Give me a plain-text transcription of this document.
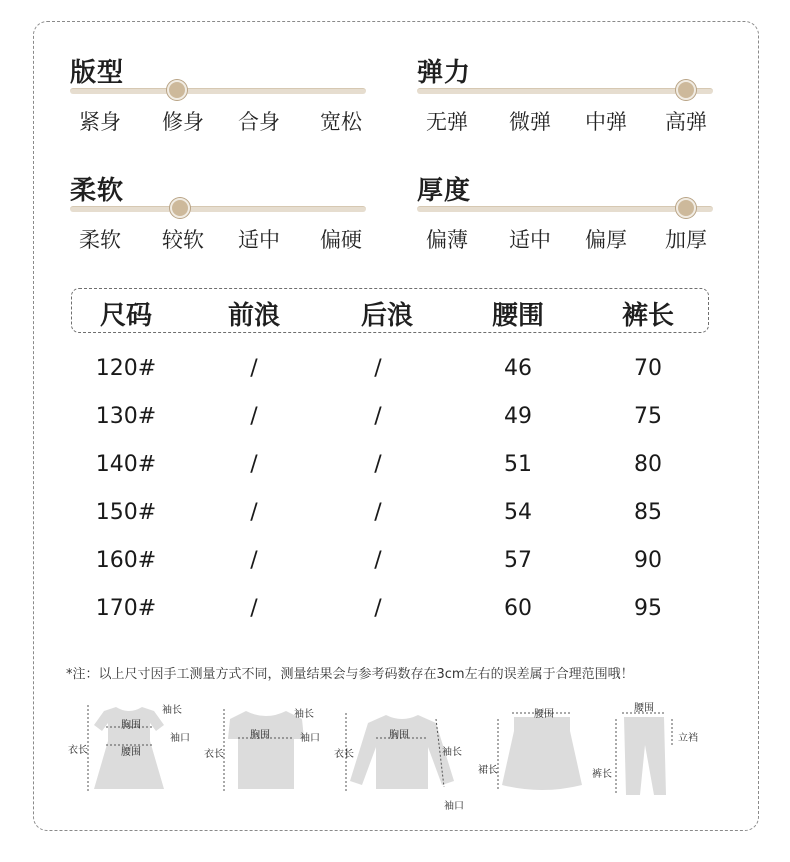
版型
紧身	修身	合身	宽松
弹力
无弹	微弹	中弹	高弹
柔软
柔软	较软	适中	偏硬
厚度
偏薄	适中	偏厚	加厚
尺码	前浪	后浪	腰围	裤长
120#	/	/	46	70
130#	/	/	49	75
140#	/	/	51	80
150#	/	/	54	85
160#	/	/	57	90
170#	/	/	60	95
*注：以上尺寸因手工测量方式不同，测量结果会与参考码数存在3cm左右的误差属于合理范围哦！
衣长
胸围
袖长
袖口
腰围	衣长
胸围
袖长
袖口
衣长
胸围
袖长
袖口
腰围
裙长
腰围
立裆
裤长
